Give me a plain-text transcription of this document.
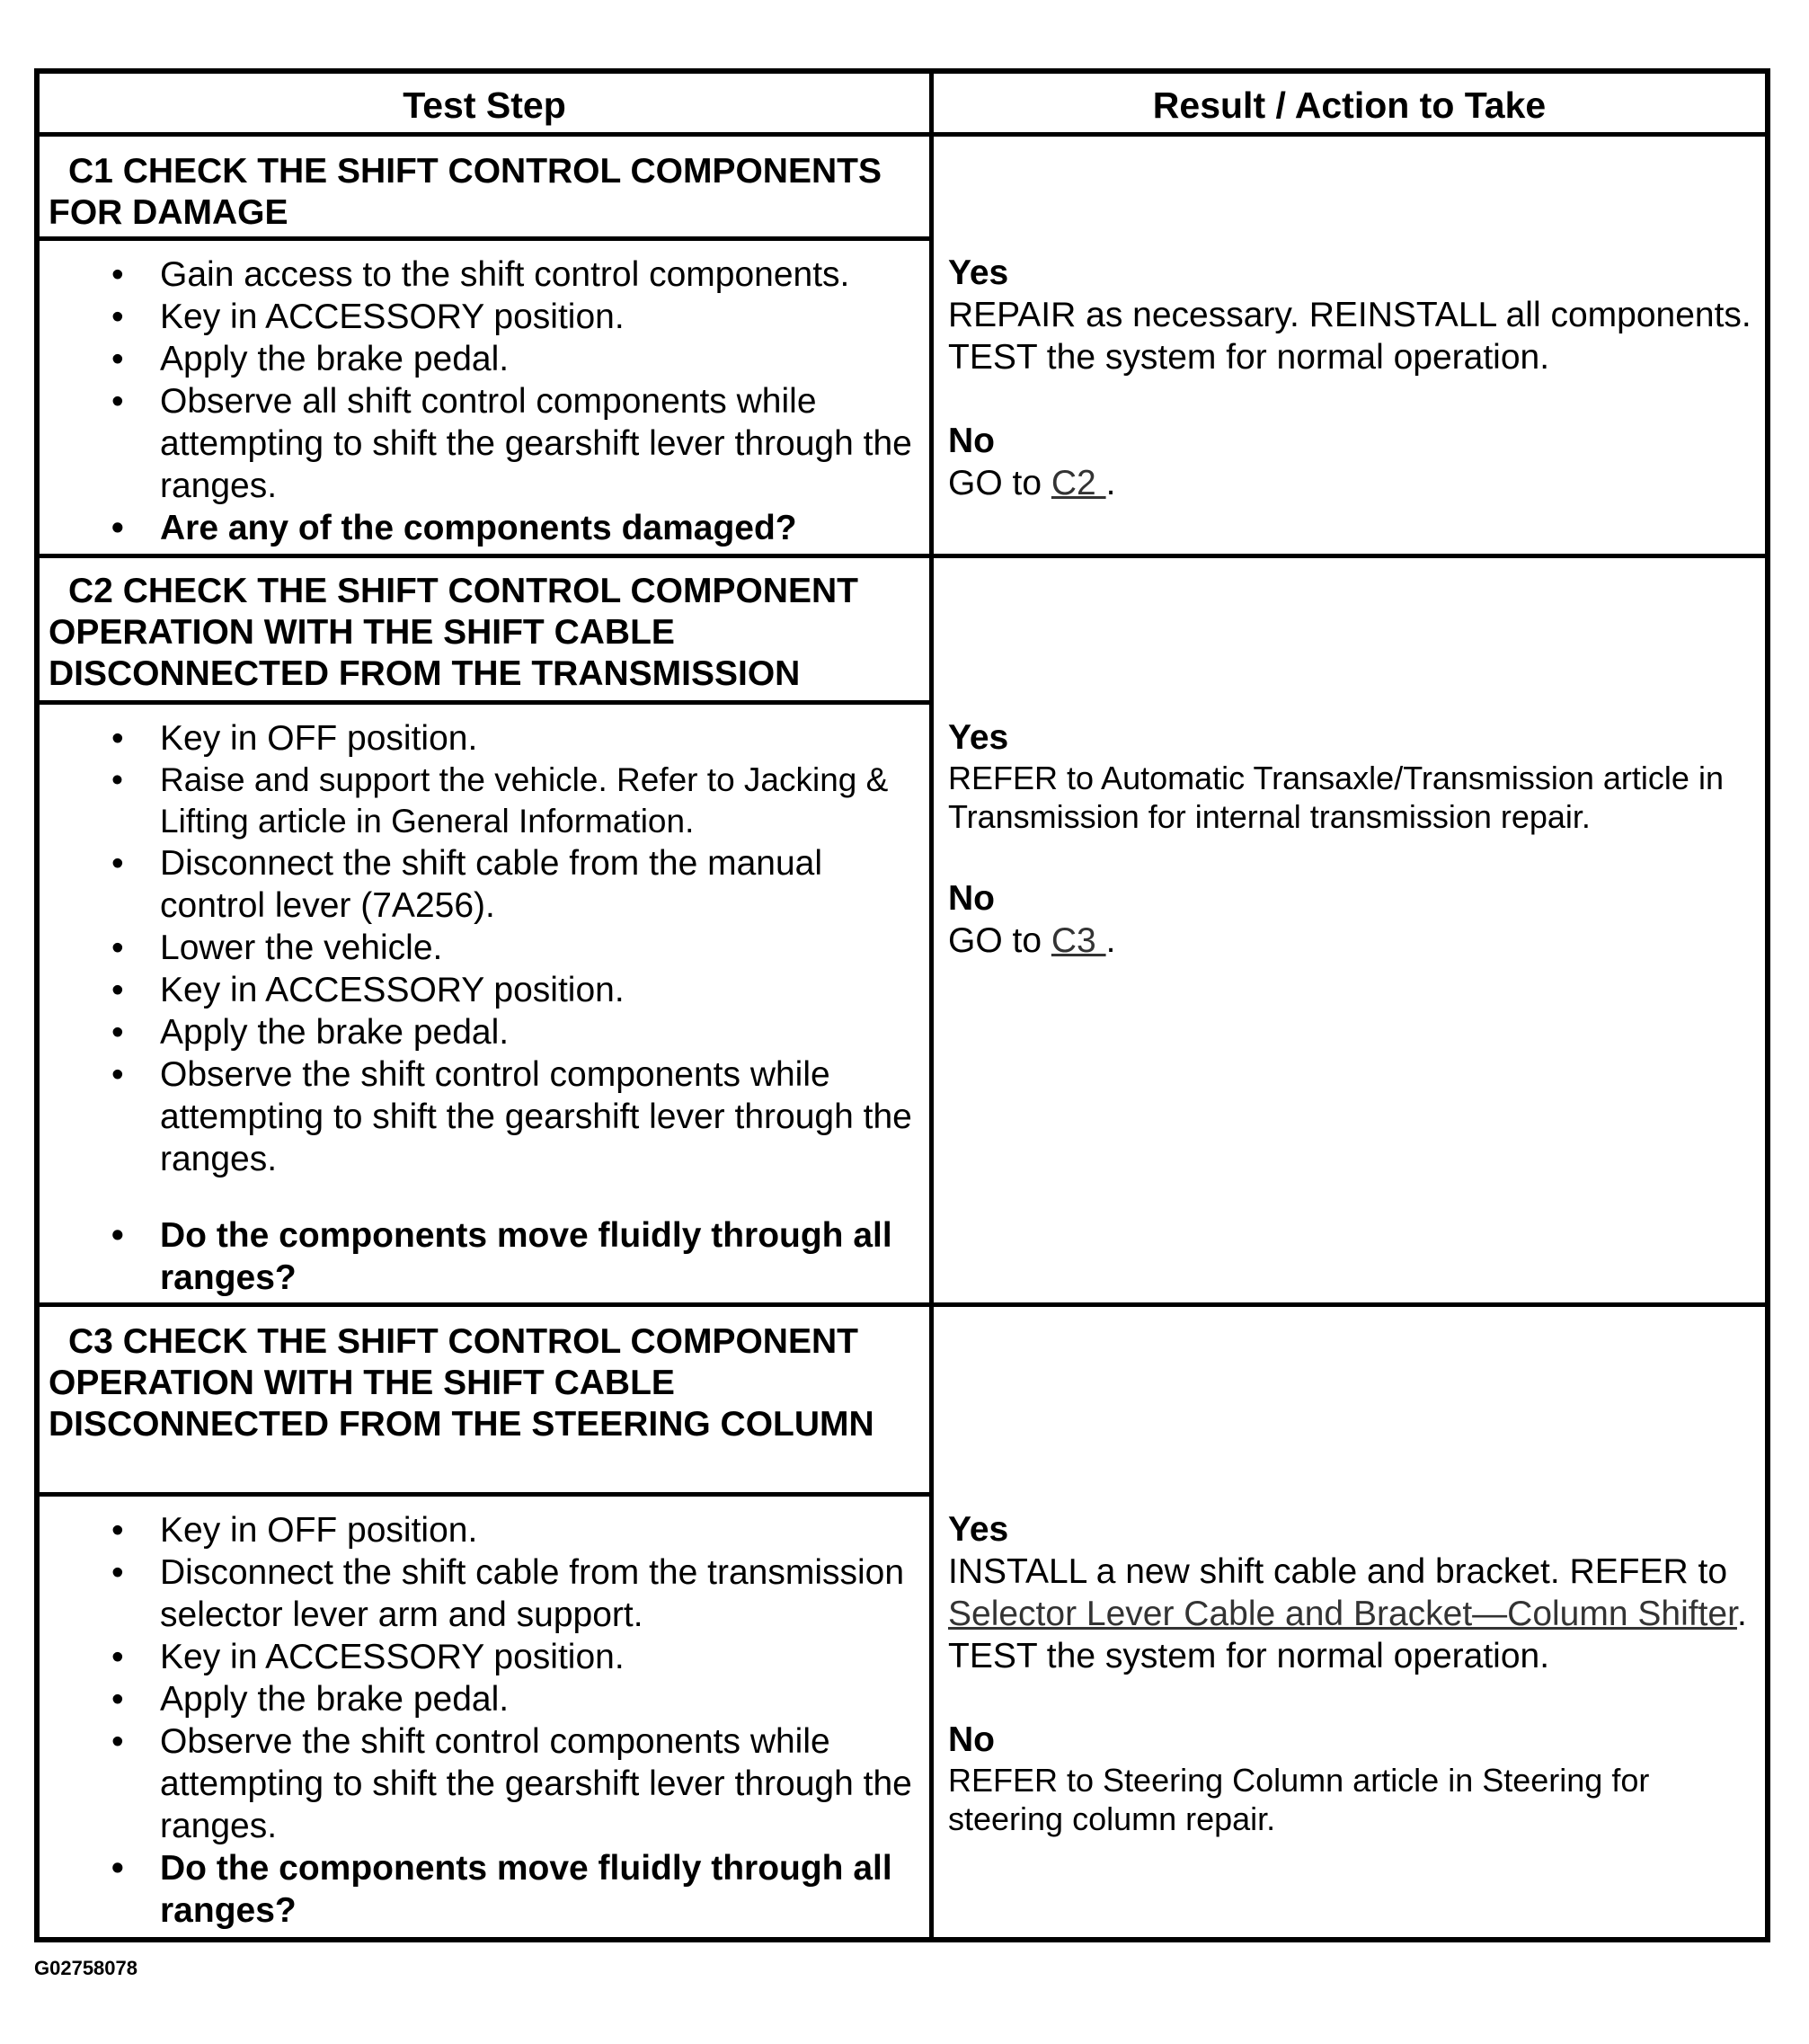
Test Step	Result / Action to Take
C1 CHECK THE SHIFT CONTROL COMPONENTS FOR DAMAGE
• Gain access to the shift control components.
• Key in ACCESSORY position.
• Apply the brake pedal.
• Observe all shift control components while attempting to shift the gearshift lever through the ranges.
• Are any of the components damaged?
Yes
REPAIR as necessary. REINSTALL all components. TEST the system for normal operation.
No
GO to C2 .
C2 CHECK THE SHIFT CONTROL COMPONENT OPERATION WITH THE SHIFT CABLE DISCONNECTED FROM THE TRANSMISSION
• Key in OFF position.
• Raise and support the vehicle. Refer to Jacking & Lifting article in General Information.
• Disconnect the shift cable from the manual control lever (7A256).
• Lower the vehicle.
• Key in ACCESSORY position.
• Apply the brake pedal.
• Observe the shift control components while attempting to shift the gearshift lever through the ranges.
• Do the components move fluidly through all ranges?
Yes
REFER to Automatic Transaxle/Transmission article in Transmission for internal transmission repair.
No
GO to C3 .
C3 CHECK THE SHIFT CONTROL COMPONENT OPERATION WITH THE SHIFT CABLE DISCONNECTED FROM THE STEERING COLUMN
• Key in OFF position.
• Disconnect the shift cable from the transmission selector lever arm and support.
• Key in ACCESSORY position.
• Apply the brake pedal.
• Observe the shift control components while attempting to shift the gearshift lever through the ranges.
• Do the components move fluidly through all ranges?
Yes
INSTALL a new shift cable and bracket. REFER to Selector Lever Cable and Bracket—Column Shifter. TEST the system for normal operation.
No
REFER to Steering Column article in Steering for steering column repair.
G02758078
